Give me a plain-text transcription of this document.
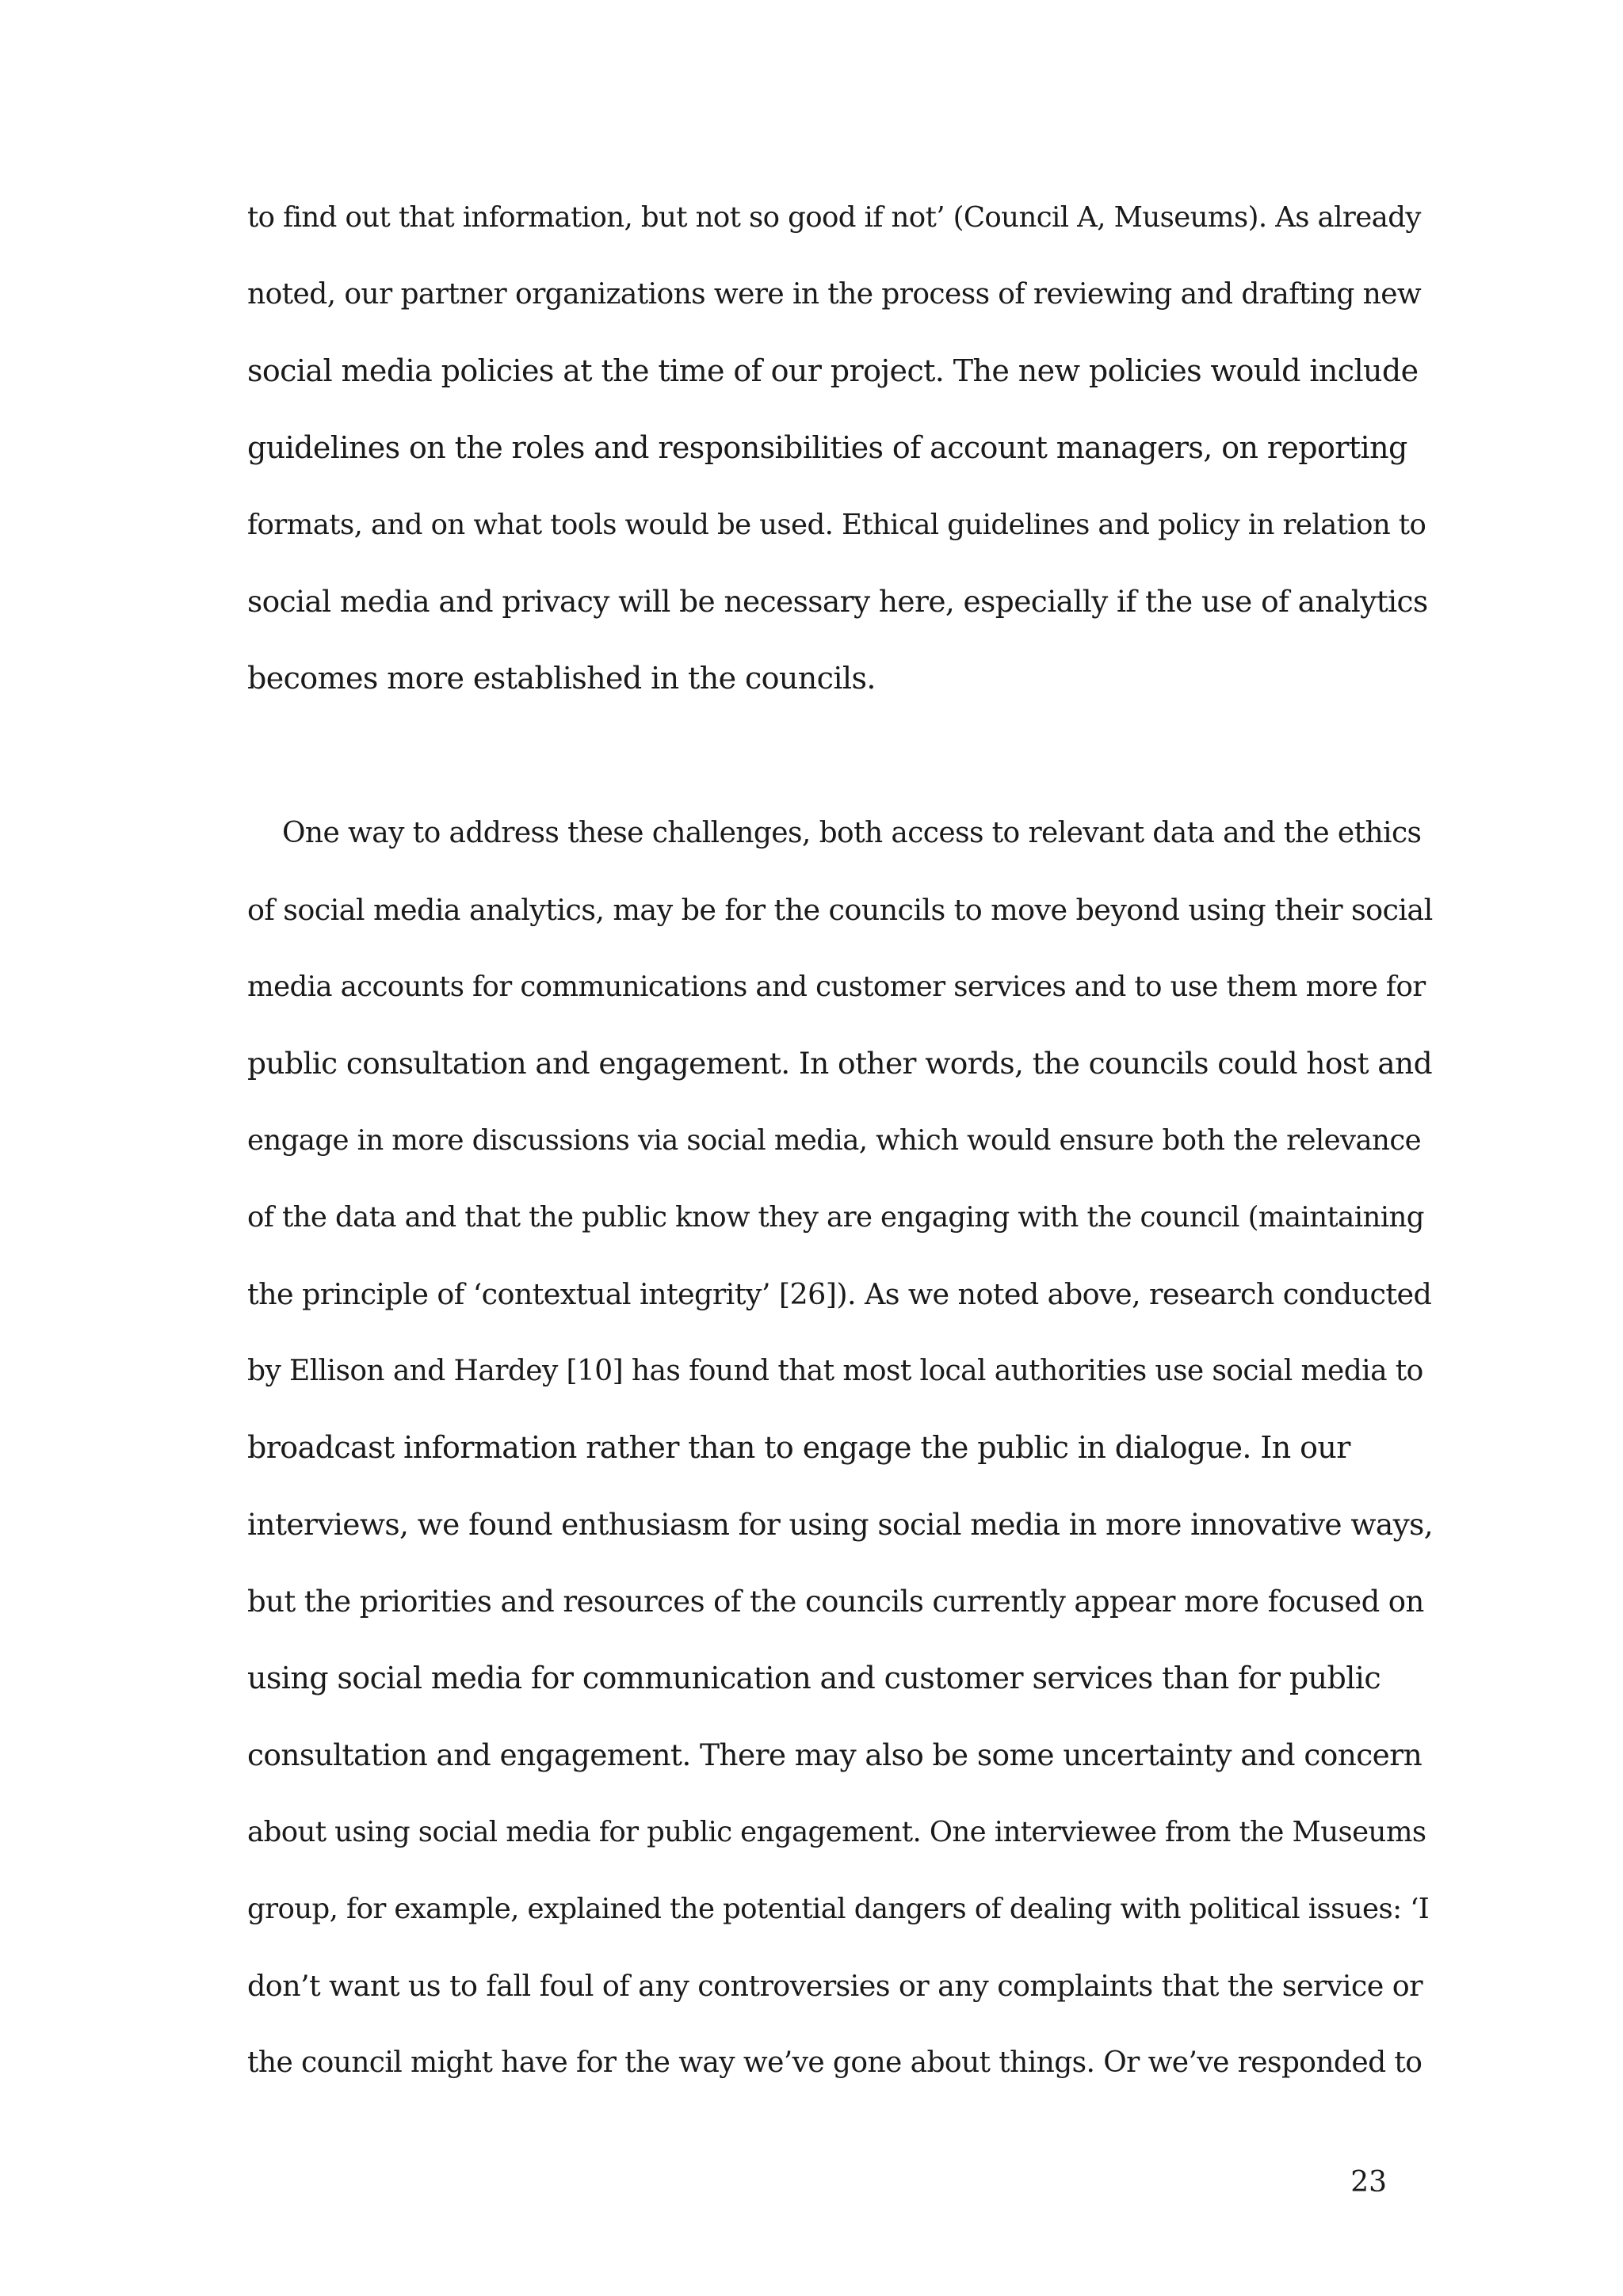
to find out that information, but not so good if not’ (Council A, Museums). As already
noted, our partner organizations were in the process of reviewing and drafting new
social media policies at the time of our project. The new policies would include
guidelines on the roles and responsibilities of account managers, on reporting
formats, and on what tools would be used. Ethical guidelines and policy in relation to
social media and privacy will be necessary here, especially if the use of analytics
becomes more established in the councils.
One way to address these challenges, both access to relevant data and the ethics
of social media analytics, may be for the councils to move beyond using their social
media accounts for communications and customer services and to use them more for
public consultation and engagement. In other words, the councils could host and
engage in more discussions via social media, which would ensure both the relevance
of the data and that the public know they are engaging with the council (maintaining
the principle of ‘contextual integrity’ [26]). As we noted above, research conducted
by Ellison and Hardey [10] has found that most local authorities use social media to
broadcast information rather than to engage the public in dialogue. In our
interviews, we found enthusiasm for using social media in more innovative ways,
but the priorities and resources of the councils currently appear more focused on
using social media for communication and customer services than for public
consultation and engagement. There may also be some uncertainty and concern
about using social media for public engagement. One interviewee from the Museums
group, for example, explained the potential dangers of dealing with political issues: ‘I
don’t want us to fall foul of any controversies or any complaints that the service or
the council might have for the way we’ve gone about things. Or we’ve responded to
23
